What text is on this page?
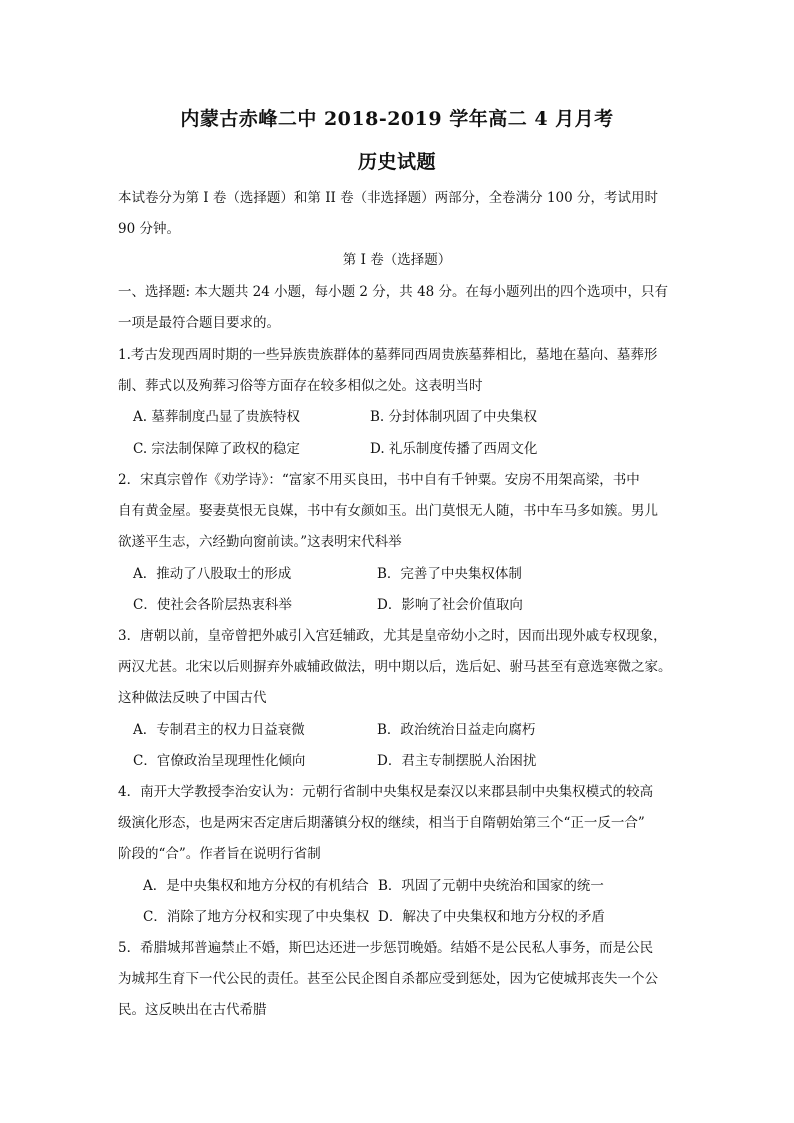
内蒙古赤峰二中 2018-2019 学年高二 4 月月考
历史试题
本试卷分为第 I 卷（选择题）和第 II 卷（非选择题）两部分，全卷满分 100 分，考试用时
90 分钟。
第 I 卷（选择题）
一、选择题: 本大题共 24 小题，每小题 2 分，共 48 分。在每小题列出的四个选项中，只有
一项是最符合题目要求的。
1.考古发现西周时期的一些异族贵族群体的墓葬同西周贵族墓葬相比，墓地在墓向、墓葬形
制、葬式以及殉葬习俗等方面存在较多相似之处。这表明当时
A. 墓葬制度凸显了贵族特权	B. 分封体制巩固了中央集权
C. 宗法制保障了政权的稳定	D. 礼乐制度传播了西周文化
2．宋真宗曾作《劝学诗》：“富家不用买良田，书中自有千钟粟。安房不用架高梁，书中
自有黄金屋。娶妻莫恨无良媒，书中有女颜如玉。出门莫恨无人随，书中车马多如簇。男儿
欲遂平生志，六经勤向窗前读。”这表明宋代科举
A．推动了八股取士的形成	B．完善了中央集权体制
C．使社会各阶层热衷科举	D．影响了社会价值取向
3．唐朝以前，皇帝曾把外戚引入宫廷辅政，尤其是皇帝幼小之时，因而出现外戚专权现象，
两汉尤甚。北宋以后则摒弃外戚辅政做法，明中期以后，选后妃、驸马甚至有意选寒微之家。
这种做法反映了中国古代
A．专制君主的权力日益衰微	B．政治统治日益走向腐朽
C．官僚政治呈现理性化倾向	D．君主专制摆脱人治困扰
4．南开大学教授李治安认为：元朝行省制中央集权是秦汉以来郡县制中央集权模式的较高
级演化形态，也是两宋否定唐后期藩镇分权的继续，相当于自隋朝始第三个“正一反一合”
阶段的“合”。作者旨在说明行省制
A．是中央集权和地方分权的有机结合 B．巩固了元朝中央统治和国家的统一
C．消除了地方分权和实现了中央集权 D．解决了中央集权和地方分权的矛盾
5．希腊城邦普遍禁止不婚，斯巴达还进一步惩罚晚婚。结婚不是公民私人事务，而是公民
为城邦生育下一代公民的责任。甚至公民企图自杀都应受到惩处，因为它使城邦丧失一个公
民。这反映出在古代希腊
